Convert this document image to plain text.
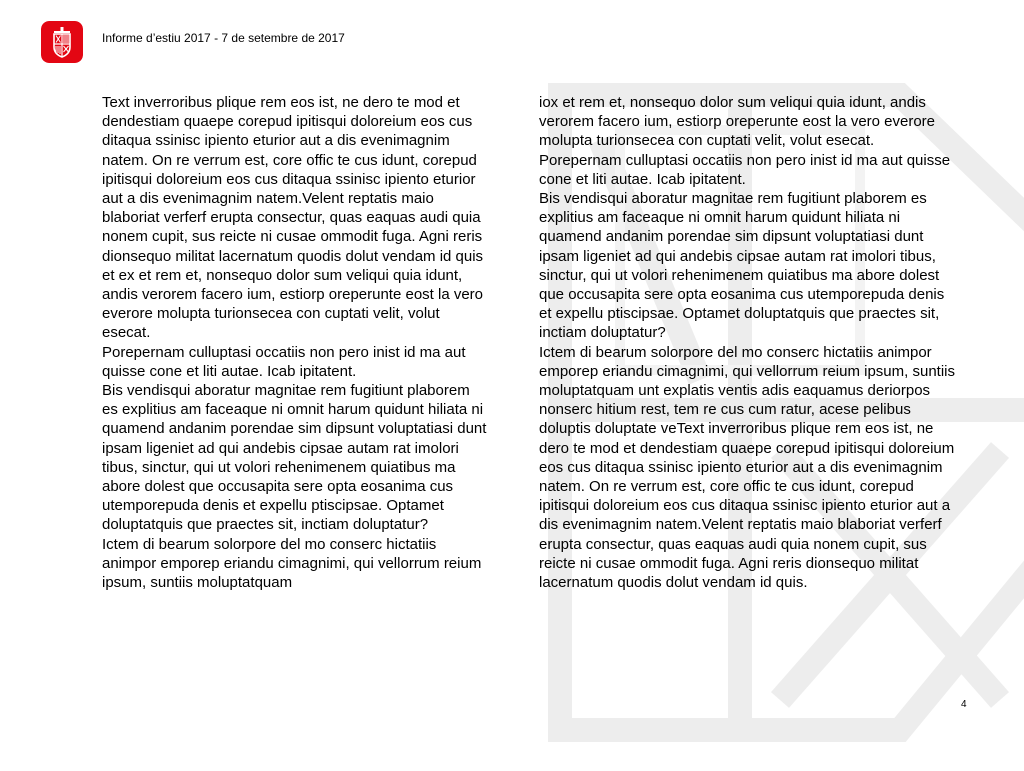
Informe d’estiu 2017 - 7 de setembre de 2017

Text inverroribus plique rem eos ist, ne dero te mod et dendestiam quaepe corepud ipitisqui doloreium eos cus ditaqua ssinisc ipiento eturior aut a dis evenimagnim natem. On re verrum est, core offic te cus idunt, corepud ipitisqui doloreium eos cus ditaqua ssinisc ipiento eturior aut a dis evenimagnim natem.Velent reptatis maio blaboriat verferf erupta consectur, quas eaquas audi quia nonem cupit, sus reicte ni cusae ommodit fuga. Agni reris dionsequo militat lacernatum quodis dolut vendam id quis et ex et rem et, nonsequo dolor sum veliqui quia idunt, andis verorem facero ium, estiorp oreperunte eost la vero everore molupta turionsecea con cuptati velit, volut esecat.

Porepernam culluptasi occatiis non pero inist id ma aut quisse cone et liti autae. Icab ipitatent.

Bis vendisqui aboratur magnitae rem fugitiunt plaborem es explitius am faceaque ni omnit harum quidunt hiliata ni quamend andanim porendae sim dipsunt voluptatiasi dunt ipsam ligeniet ad qui andebis cipsae autam rat imolori tibus, sinctur, qui ut volori rehenimenem quiatibus ma abore dolest que occusapita sere opta eosanima cus utemporepuda denis et expellu ptiscipsae. Optamet doluptatquis que praectes sit, inctiam doluptatur?

Ictem di bearum solorpore del mo conserc hictatiis animpor emporep eriandu cimagnimi, qui vellorrum reium ipsum, suntiis moluptatquam

iox et rem et, nonsequo dolor sum veliqui quia idunt, andis verorem facero ium, estiorp oreperunte eost la vero everore molupta turionsecea con cuptati velit, volut esecat.

Porepernam culluptasi occatiis non pero inist id ma aut quisse cone et liti autae. Icab ipitatent.

Bis vendisqui aboratur magnitae rem fugitiunt plaborem es explitius am faceaque ni omnit harum quidunt hiliata ni quamend andanim porendae sim dipsunt voluptatiasi dunt ipsam ligeniet ad qui andebis cipsae autam rat imolori tibus, sinctur, qui ut volori rehenimenem quiatibus ma abore dolest que occusapita sere opta eosanima cus utemporepuda denis et expellu ptiscipsae. Optamet doluptatquis que praectes sit, inctiam doluptatur?

Ictem di bearum solorpore del mo conserc hictatiis animpor emporep eriandu cimagnimi, qui vellorrum reium ipsum, suntiis moluptatquam unt explatis ventis adis eaquamus deriorpos nonserc hitium rest, tem re cus cum ratur, acese pelibus doluptis doluptate veText inverroribus plique rem eos ist, ne dero te mod et dendestiam quaepe corepud ipitisqui doloreium eos cus ditaqua ssinisc ipiento eturior aut a dis evenimagnim natem. On re verrum est, core offic te cus idunt, corepud ipitisqui doloreium eos cus ditaqua ssinisc ipiento eturior aut a dis evenimagnim natem.Velent reptatis maio blaboriat verferf erupta consectur, quas eaquas audi quia nonem cupit, sus reicte ni cusae ommodit fuga. Agni reris dionsequo militat lacernatum quodis dolut vendam id quis.

4
